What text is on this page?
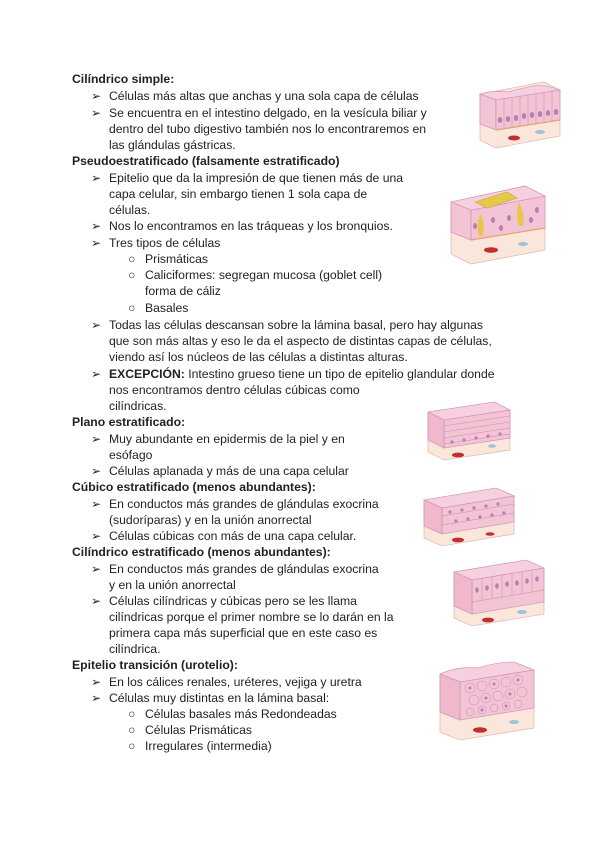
Cilíndrico simple:
➢ Células más altas que anchas y una sola capa de células
➢ Se encuentra en el intestino delgado, en la vesícula biliar y
dentro del tubo digestivo también nos lo encontraremos en
las glándulas gástricas.
Pseudoestratificado (falsamente estratificado)
➢ Epitelio que da la impresión de que tienen más de una
capa celular, sin embargo tienen 1 sola capa de
células.
➢ Nos lo encontramos en las tráqueas y los bronquios.
➢ Tres tipos de células
○ Prismáticas
○ Caliciformes: segregan mucosa (goblet cell)
forma de cáliz
○ Basales
➢ Todas las células descansan sobre la lámina basal, pero hay algunas
que son más altas y eso le da el aspecto de distintas capas de células,
viendo así los núcleos de las células a distintas alturas.
➢ EXCEPCIÓN: Intestino grueso tiene un tipo de epitelio glandular donde
nos encontramos dentro células cúbicas como
cilíndricas.
Plano estratificado:
➢ Muy abundante en epidermis de la piel y en
esófago
➢ Células aplanada y más de una capa celular
Cúbico estratificado (menos abundantes):
➢ En conductos más grandes de glándulas exocrina
(sudoríparas) y en la unión anorrectal
➢ Células cúbicas con más de una capa celular.
Cilíndrico estratificado (menos abundantes):
➢ En conductos más grandes de glándulas exocrina
y en la unión anorrectal
➢ Células cilíndricas y cúbicas pero se les llama
cilíndricas porque el primer nombre se lo darán en la
primera capa más superficial que en este caso es
cilíndrica.
Epitelio transición (urotelio):
➢ En los cálices renales, uréteres, vejiga y uretra
➢ Células muy distintas en la lámina basal:
○ Células basales más Redondeadas
○ Células Prismáticas
○ Irregulares (intermedia)
